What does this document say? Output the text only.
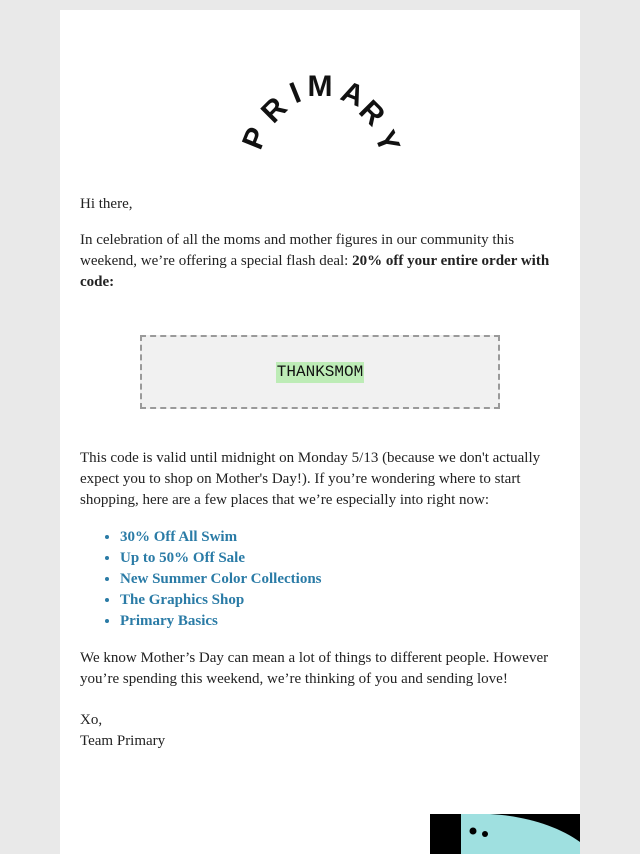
P
R
I M A
R
Y

Hi there,

In celebration of all the moms and mother figures in our community this weekend, we’re offering a special flash deal: 20% off your entire order with code:

THANKSMOM

This code is valid until midnight on Monday 5/13 (because we don't actually expect you to shop on Mother's Day!). If you’re wondering where to start shopping, here are a few places that we’re especially into right now:

• 30% Off All Swim
• Up to 50% Off Sale
• New Summer Color Collections
• The Graphics Shop
• Primary Basics

We know Mother’s Day can mean a lot of things to different people. However you’re spending this weekend, we’re thinking of you and sending love!

Xo,

Team Primary
